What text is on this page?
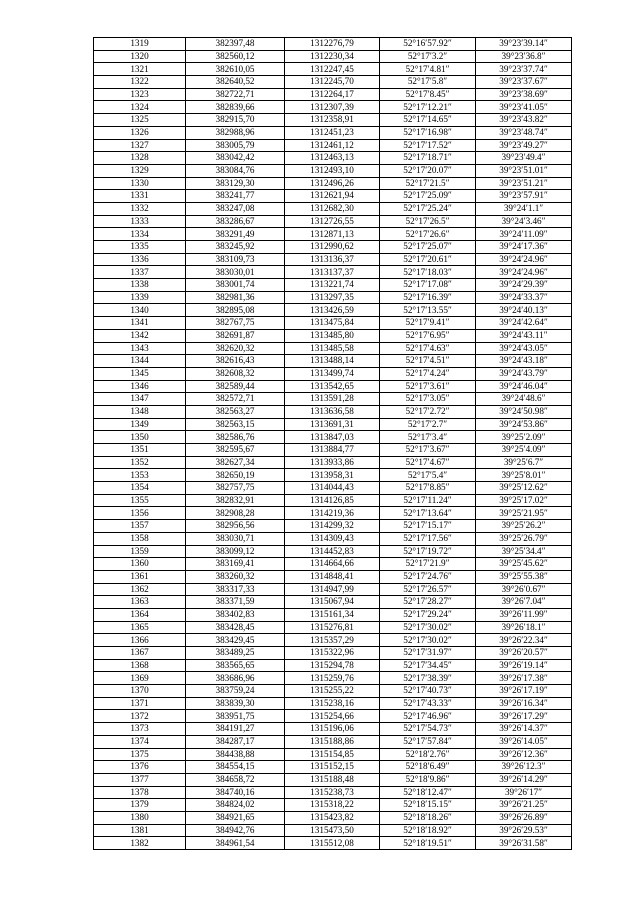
1319	382397,48	1312276,79	52°16′57.92″	39°23′39.14″
1320	382560,12	1312230,34	52°17′3.2″	39°23′36.8″
1321	382610,05	1312247,45	52°17′4.81″	39°23′37.74″
1322	382640,52	1312245,70	52°17′5.8″	39°23′37.67″
1323	382722,71	1312264,17	52°17′8.45″	39°23′38.69″
1324	382839,66	1312307,39	52°17′12.21″	39°23′41.05″
1325	382915,70	1312358,91	52°17′14.65″	39°23′43.82″
1326	382988,96	1312451,23	52°17′16.98″	39°23′48.74″
1327	383005,79	1312461,12	52°17′17.52″	39°23′49.27″
1328	383042,42	1312463,13	52°17′18.71″	39°23′49.4″
1329	383084,76	1312493,10	52°17′20.07″	39°23′51.01″
1330	383129,30	1312496,26	52°17′21.5″	39°23′51.21″
1331	383241,77	1312621,94	52°17′25.09″	39°23′57.91″
1332	383247,08	1312682,30	52°17′25.24″	39°24′1.1″
1333	383286,67	1312726,55	52°17′26.5″	39°24′3.46″
1334	383291,49	1312871,13	52°17′26.6″	39°24′11.09″
1335	383245,92	1312990,62	52°17′25.07″	39°24′17.36″
1336	383109,73	1313136,37	52°17′20.61″	39°24′24.96″
1337	383030,01	1313137,37	52°17′18.03″	39°24′24.96″
1338	383001,74	1313221,74	52°17′17.08″	39°24′29.39″
1339	382981,36	1313297,35	52°17′16.39″	39°24′33.37″
1340	382895,08	1313426,59	52°17′13.55″	39°24′40.13″
1341	382767,75	1313475,84	52°17′9.41″	39°24′42.64″
1342	382691,87	1313485,80	52°17′6.95″	39°24′43.11″
1343	382620,32	1313485,58	52°17′4.63″	39°24′43.05″
1344	382616,43	1313488,14	52°17′4.51″	39°24′43.18″
1345	382608,32	1313499,74	52°17′4.24″	39°24′43.79″
1346	382589,44	1313542,65	52°17′3.61″	39°24′46.04″
1347	382572,71	1313591,28	52°17′3.05″	39°24′48.6″
1348	382563,27	1313636,58	52°17′2.72″	39°24′50.98″
1349	382563,15	1313691,31	52°17′2.7″	39°24′53.86″
1350	382586,76	1313847,03	52°17′3.4″	39°25′2.09″
1351	382595,67	1313884,77	52°17′3.67″	39°25′4.09″
1352	382627,34	1313933,86	52°17′4.67″	39°25′6.7″
1353	382650,19	1313958,31	52°17′5.4″	39°25′8.01″
1354	382757,75	1314044,43	52°17′8.85″	39°25′12.62″
1355	382832,91	1314126,85	52°17′11.24″	39°25′17.02″
1356	382908,28	1314219,36	52°17′13.64″	39°25′21.95″
1357	382956,56	1314299,32	52°17′15.17″	39°25′26.2″
1358	383030,71	1314309,43	52°17′17.56″	39°25′26.79″
1359	383099,12	1314452,83	52°17′19.72″	39°25′34.4″
1360	383169,41	1314664,66	52°17′21.9″	39°25′45.62″
1361	383260,32	1314848,41	52°17′24.76″	39°25′55.38″
1362	383317,33	1314947,99	52°17′26.57″	39°26′0.67″
1363	383371,59	1315067,94	52°17′28.27″	39°26′7.04″
1364	383402,83	1315161,34	52°17′29.24″	39°26′11.99″
1365	383428,45	1315276,81	52°17′30.02″	39°26′18.1″
1366	383429,45	1315357,29	52°17′30.02″	39°26′22.34″
1367	383489,25	1315322,96	52°17′31.97″	39°26′20.57″
1368	383565,65	1315294,78	52°17′34.45″	39°26′19.14″
1369	383686,96	1315259,76	52°17′38.39″	39°26′17.38″
1370	383759,24	1315255,22	52°17′40.73″	39°26′17.19″
1371	383839,30	1315238,16	52°17′43.33″	39°26′16.34″
1372	383951,75	1315254,66	52°17′46.96″	39°26′17.29″
1373	384191,27	1315196,06	52°17′54.73″	39°26′14.37″
1374	384287,17	1315188,86	52°17′57.84″	39°26′14.05″
1375	384438,88	1315154,85	52°18′2.76″	39°26′12.36″
1376	384554,15	1315152,15	52°18′6.49″	39°26′12.3″
1377	384658,72	1315188,48	52°18′9.86″	39°26′14.29″
1378	384740,16	1315238,73	52°18′12.47″	39°26′17″
1379	384824,02	1315318,22	52°18′15.15″	39°26′21.25″
1380	384921,65	1315423,82	52°18′18.26″	39°26′26.89″
1381	384942,76	1315473,50	52°18′18.92″	39°26′29.53″
1382	384961,54	1315512,08	52°18′19.51″	39°26′31.58″
